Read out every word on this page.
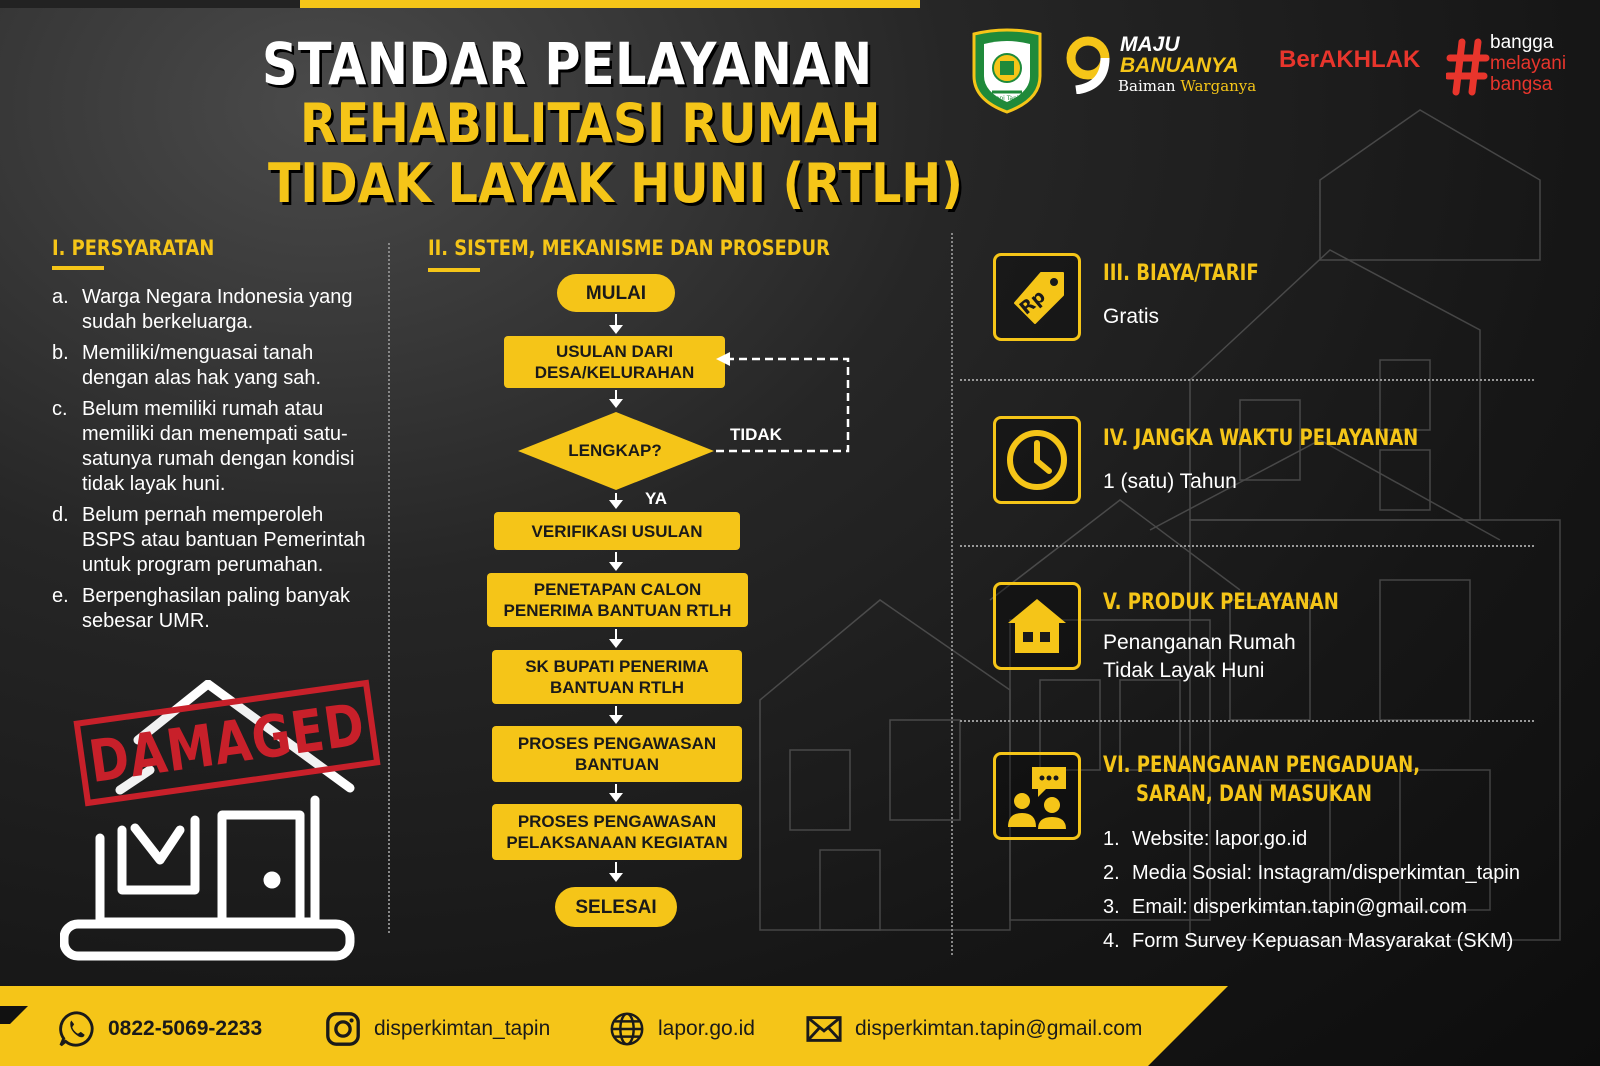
STANDAR PELAYANAN
REHABILITASI RUMAH
TIDAK LAYAK HUNI (RTLH)
Rapi Tapin
MAJU
BANUANYA
Baiman Warganya
BerAKHLAK
bangga
melayani
bangsa
I. PERSYARATAN
a. Warga Negara Indonesia yang sudah berkeluarga.
b. Memiliki/menguasai tanah dengan alas hak yang sah.
c. Belum memiliki rumah atau memiliki dan menempati satu-satunya rumah dengan kondisi tidak layak huni.
d. Belum pernah memperoleh BSPS atau bantuan Pemerintah untuk program perumahan.
e. Berpenghasilan paling banyak sebesar UMR.
DAMAGED
II. SISTEM, MEKANISME DAN PROSEDUR
MULAI
USULAN DARI DESA/KELURAHAN
LENGKAP?
TIDAK
YA
VERIFIKASI USULAN
PENETAPAN CALON PENERIMA BANTUAN RTLH
SK BUPATI PENERIMA BANTUAN RTLH
PROSES PENGAWASAN BANTUAN
PROSES PENGAWASAN PELAKSANAAN KEGIATAN
SELESAI
Rp
III. BIAYA/TARIF
Gratis
IV. JANGKA WAKTU PELAYANAN
1 (satu) Tahun
V. PRODUK PELAYANAN
Penanganan Rumah
Tidak Layak Huni
VI. PENANGANAN PENGADUAN,
SARAN, DAN MASUKAN
1. Website: lapor.go.id
2. Media Sosial: Instagram/disperkimtan_tapin
3. Email: disperkimtan.tapin@gmail.com
4. Form Survey Kepuasan Masyarakat (SKM)
0822-5069-2233	disperkimtan_tapin	lapor.go.id	disperkimtan.tapin@gmail.com
